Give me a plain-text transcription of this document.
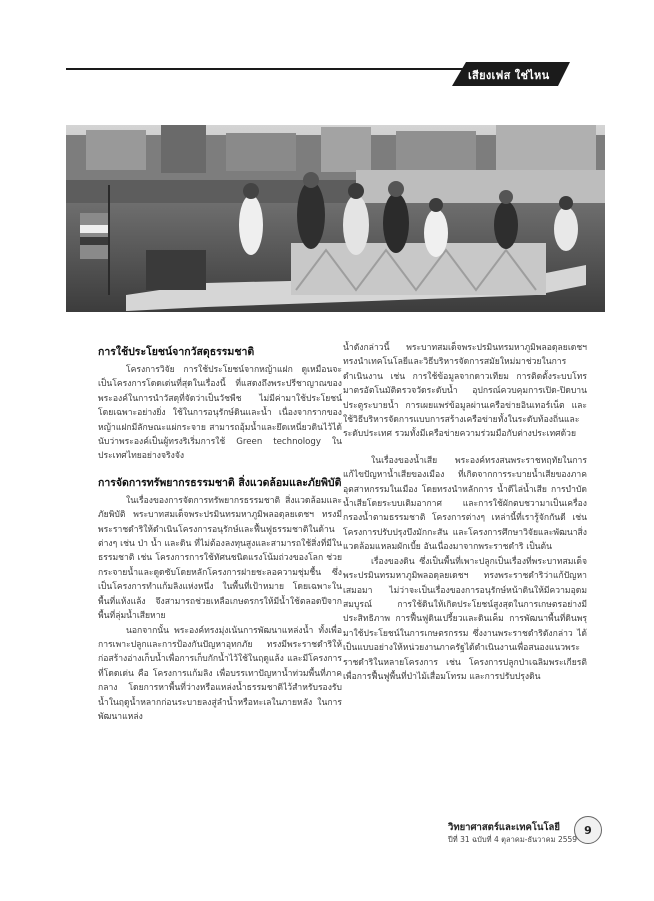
เสียงเฟส ใช่ไหน
การใช้ประโยชน์จากวัสดุธรรมชาติ

โครงการวิจัย การใช้ประโยชน์จากหญ้าแฝก ดูเหมือนจะเป็นโครงการโดดเด่นที่สุดในเรื่องนี้ ที่แสดงถึงพระปรีชาญาณของพระองค์ในการนำวัสดุที่จัดว่าเป็นวัชพืช ไม่มีค่ามาใช้ประโยชน์ โดยเฉพาะอย่างยิ่ง ใช้ในการอนุรักษ์ดินและน้ำ เนื่องจากรากของหญ้าแฝกมีลักษณะแผ่กระจาย สามารถอุ้มน้ำและยึดเหนี่ยวดินไว้ได้ นับว่าพระองค์เป็นผู้ทรงริเริ่มการใช้ Green technology ในประเทศไทยอย่างจริงจัง

การจัดการทรัพยากรธรรมชาติ สิ่งแวดล้อมและภัยพิบัติ

ในเรื่องของการจัดการทรัพยากรธรรมชาติ สิ่งแวดล้อมและภัยพิบัติ พระบาทสมเด็จพระปรมินทรมหาภูมิพลอดุลยเดชฯ ทรงมีพระราชดำริให้ดำเนินโครงการอนุรักษ์และฟื้นฟูธรรมชาติในด้านต่างๆ เช่น ป่า น้ำ และดิน ที่ไม่ต้องลงทุนสูงและสามารถใช้สิ่งที่มีในธรรมชาติ เช่น โครงการการใช้ทัศนชนิดแรงโน้มถ่วงของโลก ช่วยกระจายน้ำและดูดซับโดยหลักโครงการฝายชะลอความชุ่มชื้น ซึ่งเป็นโครงการทำแก้มลิงแห่งหนึ่ง ในพื้นที่เป้าหมาย โดยเฉพาะในพื้นที่แห้งแล้ง จึงสามารถช่วยเหลือเกษตรกรให้มีน้ำใช้ตลอดปีจากพื้นที่ลุ่มน้ำเสียหาย

นอกจากนั้น พระองค์ทรงมุ่งเน้นการพัฒนาแหล่งน้ำ ทั้งเพื่อการเพาะปลูกและการป้องกันปัญหาอุทกภัย ทรงมีพระราชดำริให้ก่อสร้างอ่างเก็บน้ำเพื่อการเก็บกักน้ำไว้ใช้ในฤดูแล้ง และมีโครงการที่โดดเด่น คือ โครงการแก้มลิง เพื่อบรรเทาปัญหาน้ำท่วมพื้นที่ภาคกลาง โดยการหาพื้นที่ว่างหรือแหล่งน้ำธรรมชาติไว้สำหรับรองรับน้ำในฤดูน้ำหลากก่อนระบายลงสู่ลำน้ำหรือทะเลในภายหลัง ในการพัฒนาแหล่ง

น้ำดังกล่าวนี้ พระบาทสมเด็จพระปรมินทรมหาภูมิพลอดุลยเดชฯ ทรงนำเทคโนโลยีและวิธีบริหารจัดการสมัยใหม่มาช่วยในการดำเนินงาน เช่น การใช้ข้อมูลจากดาวเทียม การติดตั้งระบบโทรมาตรอัตโนมัติตรวจวัดระดับน้ำ อุปกรณ์ควบคุมการเปิด-ปิดบานประตูระบายน้ำ การเผยแพร่ข้อมูลผ่านเครือข่ายอินเทอร์เน็ต และใช้วิธีบริหารจัดการแบบการสร้างเครือข่ายทั้งในระดับท้องถิ่นและระดับประเทศ รวมทั้งมีเครือข่ายความร่วมมือกับต่างประเทศด้วย

ในเรื่องของน้ำเสีย พระองค์ทรงสนพระราชหฤทัยในการแก้ไขปัญหาน้ำเสียของเมือง ที่เกิดจากการระบายน้ำเสียของภาคอุตสาหกรรมในเมือง โดยทรงนำหลักการ น้ำดีไล่น้ำเสีย การบำบัดน้ำเสียโดยระบบเติมอากาศ และการใช้ผักตบชวามาเป็นเครื่องกรองน้ำตามธรรมชาติ โครงการต่างๆ เหล่านี้ที่เรารู้จักกันดี เช่น โครงการปรับปรุงบึงมักกะสัน และโครงการศึกษาวิจัยและพัฒนาสิ่งแวดล้อมแหลมผักเบี้ย อันเนื่องมาจากพระราชดำริ เป็นต้น

เรื่องของดิน ซึ่งเป็นพื้นที่เพาะปลูกเป็นเรื่องที่พระบาทสมเด็จพระปรมินทรมหาภูมิพลอดุลยเดชฯ ทรงพระราชดำริว่าแก้ปัญหาเสมอมา ไม่ว่าจะเป็นเรื่องของการอนุรักษ์หน้าดินให้มีความอุดมสมบูรณ์ การใช้ดินให้เกิดประโยชน์สูงสุดในการเกษตรอย่างมีประสิทธิภาพ การฟื้นฟูดินเปรี้ยวและดินเค็ม การพัฒนาพื้นที่ดินพรุมาใช้ประโยชน์ในการเกษตรกรรม ซึ่งงานพระราชดำริดังกล่าว ได้เป็นแบบอย่างให้หน่วยงานภาครัฐได้ดำเนินงานเพื่อสนองแนวพระราชดำริในหลายโครงการ เช่น โครงการปลูกป่าเฉลิมพระเกียรติ เพื่อการฟื้นฟูพื้นที่ป่าไม้เสื่อมโทรม และการปรับปรุงดิน

วิทยาศาสตร์และเทคโนโลยี
ปีที่ 31 ฉบับที่ 4 ตุลาคม-ธันวาคม 2559
9
